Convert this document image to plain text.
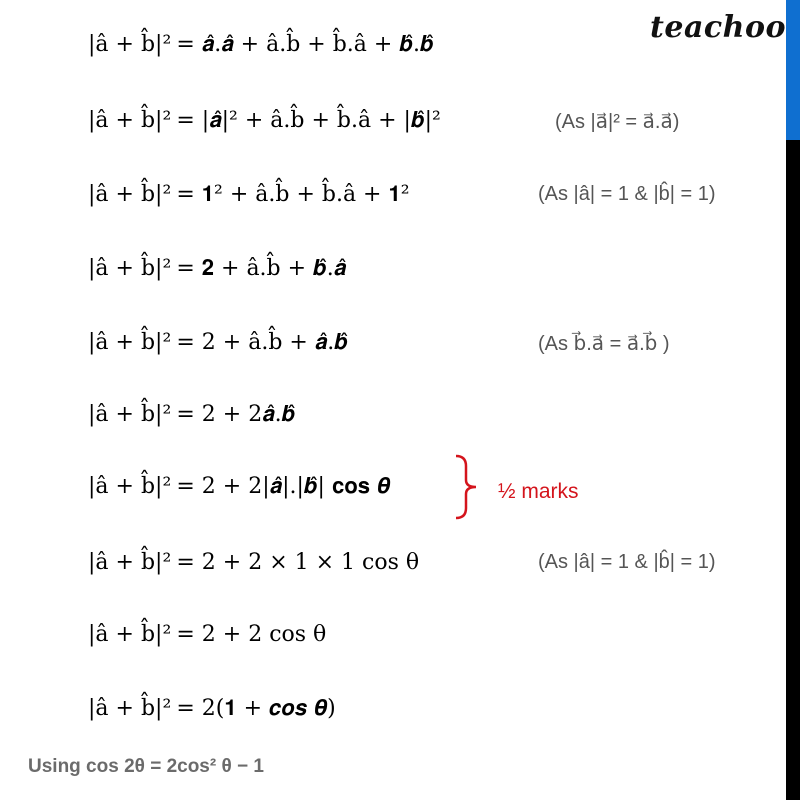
teachoo
|â + b̂|²
= 𝒂̂.𝒂̂ + â.b̂ + b̂.â + 𝒃̂.𝒃̂
|â + b̂|²
= |𝒂̂|² + â.b̂ + b̂.â + |𝒃̂|²	(As |a⃗|² = a⃗.a⃗)
|â + b̂|²
= 𝟏² + â.b̂ + b̂.â + 𝟏²	(As |â| = 1 & |b̂| = 1)
|â + b̂|²
= 𝟐 + â.b̂ + 𝒃̂.𝒂̂
|â + b̂|²
= 2 + â.b̂ + 𝒂̂.𝒃̂	(As b⃗.a⃗ = a⃗.b⃗ )
|â + b̂|²
= 2 + 2𝒂̂.𝒃̂
|â + b̂|²
= 2 + 2|𝒂̂|.|𝒃̂| 𝐜𝐨𝐬 𝜽	½ marks
|â + b̂|²
= 2 + 2 × 1 × 1 cos θ	(As |â| = 1 & |b̂| = 1)
|â + b̂|²
= 2 + 2 cos θ
|â + b̂|²
= 2(𝟏 + 𝒄𝒐𝒔 𝜽)
Using cos 2θ = 2cos² θ − 1
